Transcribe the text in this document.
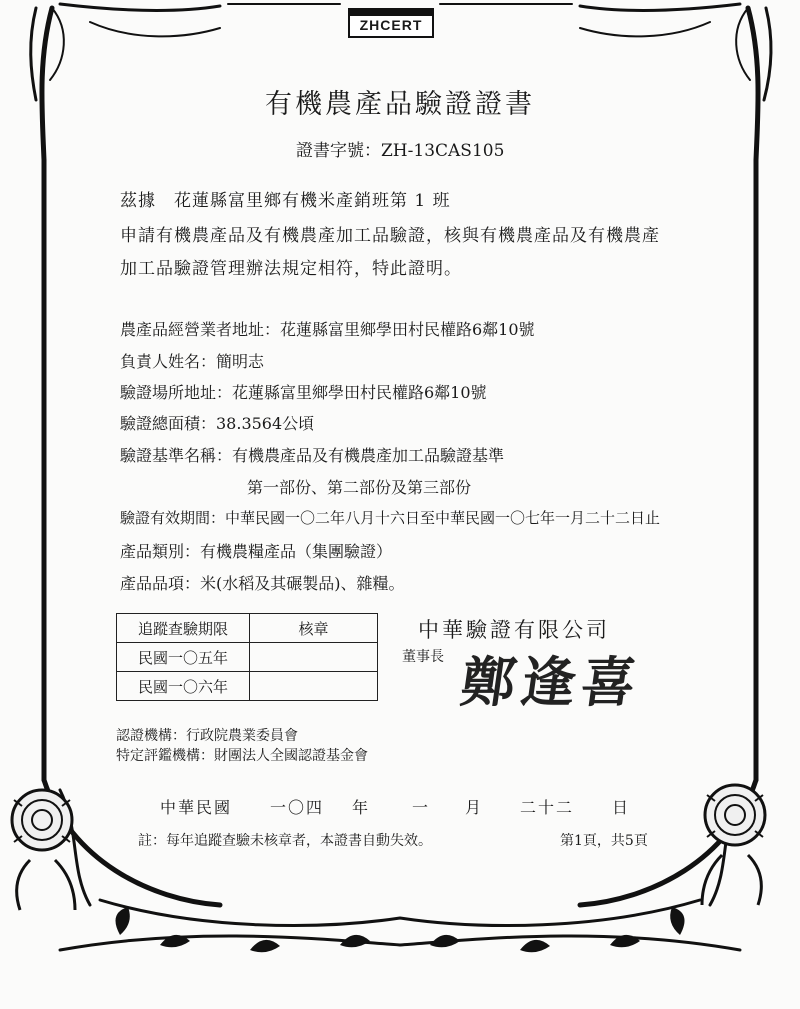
ZHCERT
有機農產品驗證證書
證書字號：ZH-13CAS105
茲據　花蓮縣富里鄉有機米產銷班第 1 班
申請有機農產品及有機農產加工品驗證，核與有機農產品及有機農產
加工品驗證管理辦法規定相符，特此證明。
農產品經營業者地址：花蓮縣富里鄉學田村民權路6鄰10號
負責人姓名：簡明志
驗證場所地址：花蓮縣富里鄉學田村民權路6鄰10號
驗證總面積：38.3564公頃
驗證基準名稱：有機農產品及有機農產加工品驗證基準
第一部份、第二部份及第三部份
驗證有效期間：中華民國一〇二年八月十六日至中華民國一〇七年一月二十二日止
產品類別：有機農糧產品（集團驗證）
產品品項：米(水稻及其碾製品)、雜糧。
追蹤查驗期限	核章
民國一〇五年	
民國一〇六年	
中華驗證有限公司
董事長 鄭逢喜
認證機構：行政院農業委員會
特定評鑑機構：財團法人全國認證基金會
中華民國 一〇四 年	一 月 二十二 日
註：每年追蹤查驗未核章者，本證書自動失效。	第1頁，共5頁
